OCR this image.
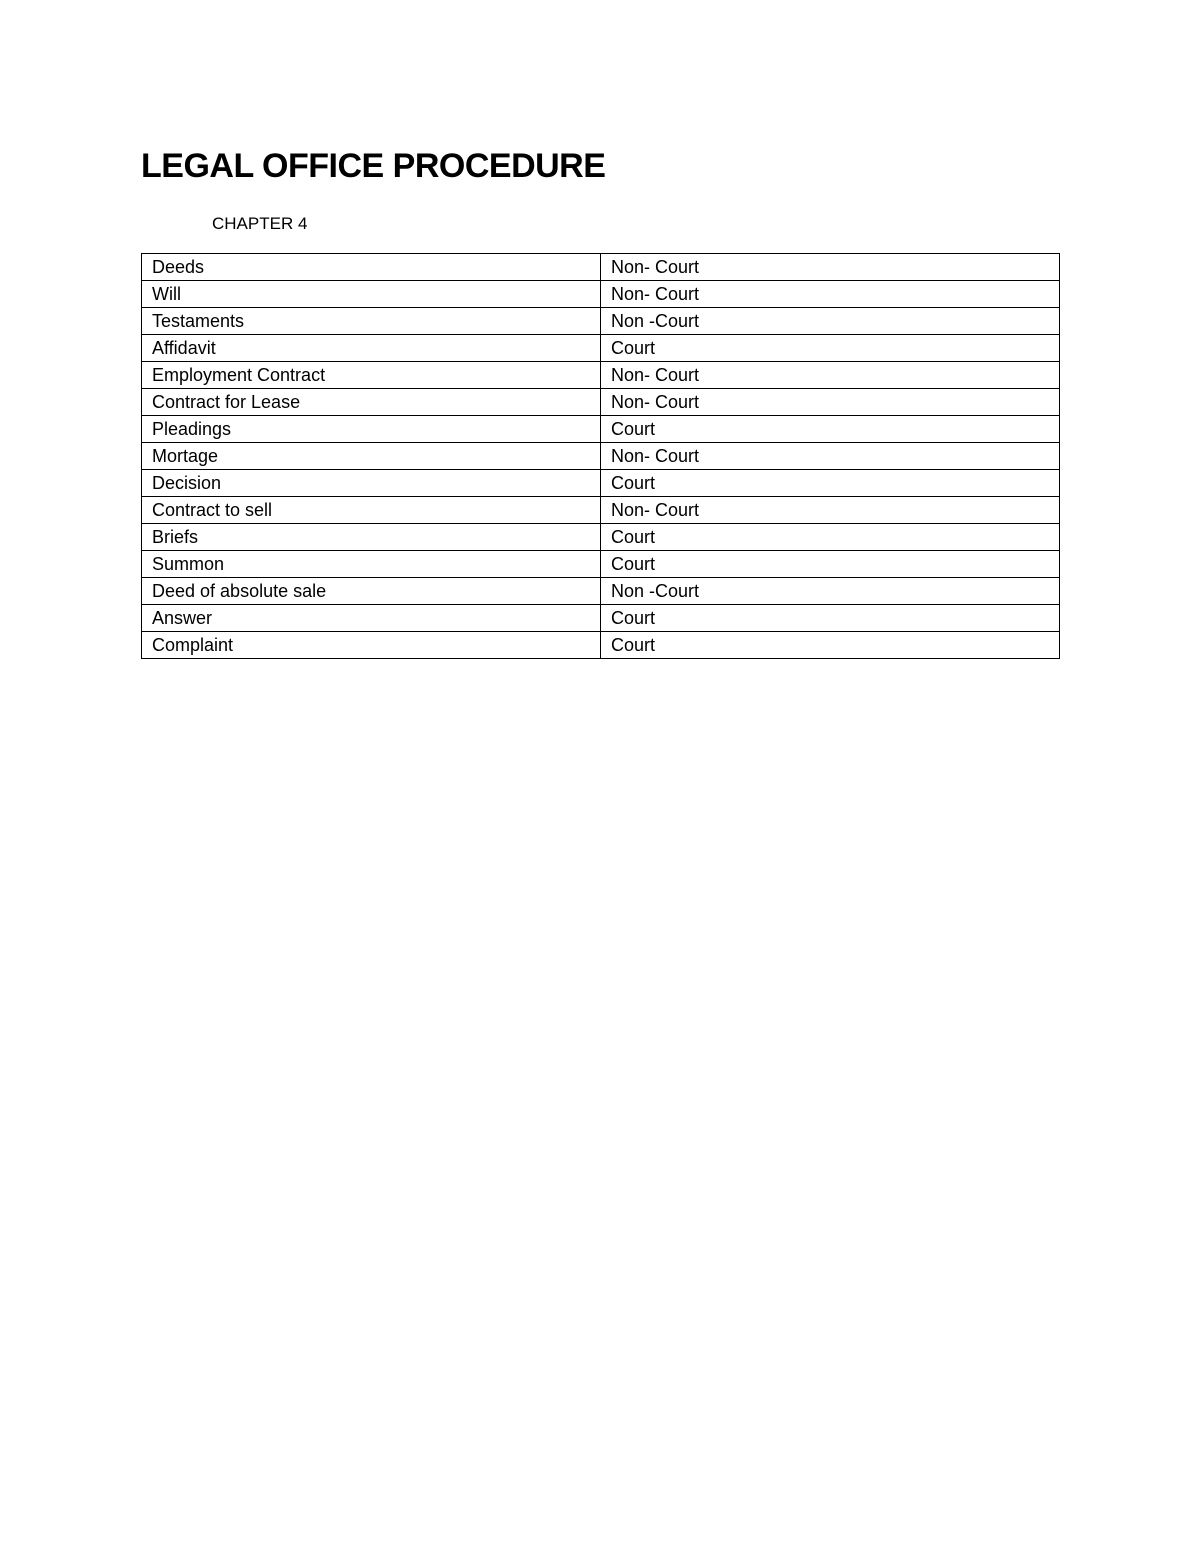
LEGAL OFFICE PROCEDURE
CHAPTER 4
Deeds	Non- Court
Will	Non- Court
Testaments	Non -Court
Affidavit	Court
Employment Contract	Non- Court
Contract for Lease	Non- Court
Pleadings	Court
Mortage	Non- Court
Decision	Court
Contract to sell	Non- Court
Briefs	Court
Summon	Court
Deed of absolute sale	Non -Court
Answer	Court
Complaint	Court
